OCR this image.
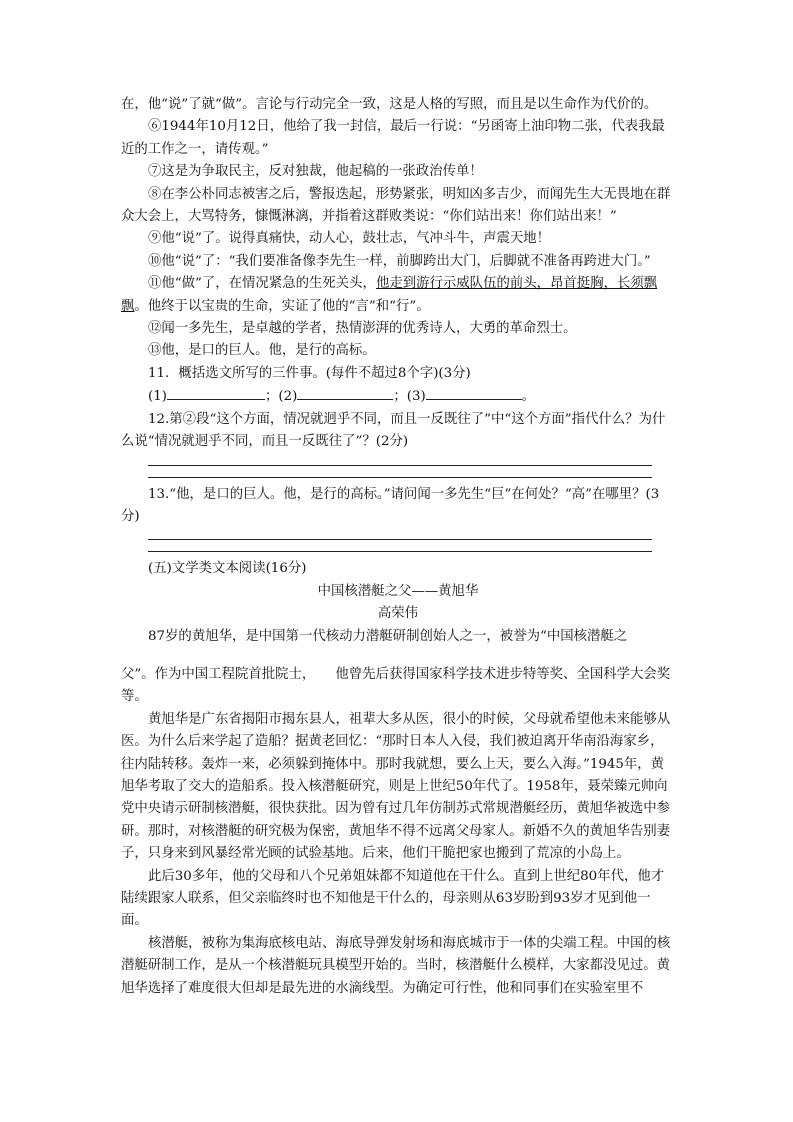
在，他“说”了就“做”。言论与行动完全一致，这是人格的写照，而且是以生命作为代价的。

⑥1944年10月12日，他给了我一封信，最后一行说：“另函寄上油印物二张，代表我最近的工作之一，请传观。”

⑦这是为争取民主，反对独裁，他起稿的一张政治传单！

⑧在李公朴同志被害之后，警报迭起，形势紧张，明知凶多吉少，而闻先生大无畏地在群众大会上，大骂特务，慷慨淋漓，并指着这群败类说：“你们站出来！你们站出来！”

⑨他“说”了。说得真痛快，动人心，鼓壮志，气冲斗牛，声震天地！

⑩他“说”了：“我们要准备像李先生一样，前脚跨出大门，后脚就不准备再跨进大门。”

⑪他“做”了，在情况紧急的生死关头，他走到游行示威队伍的前头，昂首挺胸，长须飘飘。他终于以宝贵的生命，实证了他的“言”和“行”。

⑫闻一多先生，是卓越的学者，热情澎湃的优秀诗人，大勇的革命烈士。

⑬他，是口的巨人。他，是行的高标。

11．概括选文所写的三件事。(每件不超过8个字)(3分)

(1)	；(2)	；(3)	。

12.第②段“这个方面，情况就迥乎不同，而且一反既往了”中“这个方面”指代什么？为什么说“情况就迥乎不同，而且一反既往了”？(2分)

13.“他，是口的巨人。他，是行的高标。”请问闻一多先生“巨”在何处？“高”在哪里？(3分)

(五)文学类文本阅读(16分)

中国核潜艇之父——黄旭华

高荣伟

87岁的黄旭华，是中国第一代核动力潜艇研制创始人之一，被誉为“中国核潜艇之

父”。作为中国工程院首批院士，　　他曾先后获得国家科学技术进步特等奖、全国科学大会奖等。

黄旭华是广东省揭阳市揭东县人，祖辈大多从医，很小的时候，父母就希望他未来能够从医。为什么后来学起了造船？据黄老回忆：“那时日本人入侵，我们被迫离开华南沿海家乡，往内陆转移。轰炸一来，必须躲到掩体中。那时我就想，要么上天，要么入海。”1945年，黄旭华考取了交大的造船系。投入核潜艇研究，则是上世纪50年代了。1958年，聂荣臻元帅向党中央请示研制核潜艇，很快获批。因为曾有过几年仿制苏式常规潜艇经历，黄旭华被选中参研。那时，对核潜艇的研究极为保密，黄旭华不得不远离父母家人。新婚不久的黄旭华告别妻子，只身来到风暴经常光顾的试验基地。后来，他们干脆把家也搬到了荒凉的小岛上。

此后30多年，他的父母和八个兄弟姐妹都不知道他在干什么。直到上世纪80年代，他才陆续跟家人联系，但父亲临终时也不知他是干什么的，母亲则从63岁盼到93岁才见到他一面。

核潜艇，被称为集海底核电站、海底导弹发射场和海底城市于一体的尖端工程。中国的核潜艇研制工作，是从一个核潜艇玩具模型开始的。当时，核潜艇什么模样，大家都没见过。黄旭华选择了难度很大但却是最先进的水滴线型。为确定可行性，他和同事们在实验室里不
